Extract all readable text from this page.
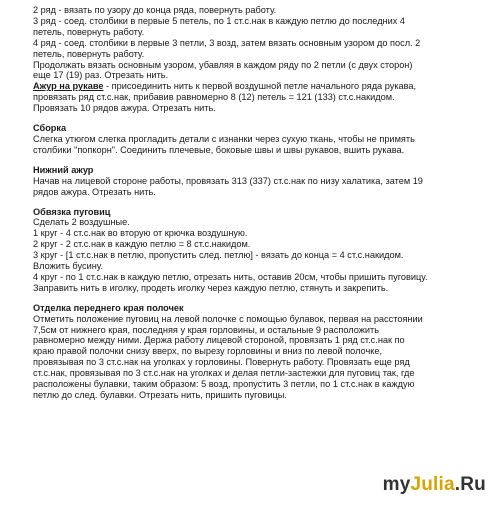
2 ряд - вязать по узору до конца ряда, повернуть работу.

3 ряд - соед. столбики в первые 5 петель, по 1 ст.с.нак в каждую петлю до последних 4
петель, повернуть работу.

4 ряд - соед. столбики в первые 3 петли, 3 возд, затем вязать основным узором до посл. 2
петель, повернуть работу.

Продолжать вязать основным узором, убавляя в каждом ряду по 2 петли (с двух сторон)
еще 17 (19) раз. Отрезать нить.

Ажур на рукаве - присоединить нить к первой воздушной петле начального ряда рукава,
провязать ряд ст.с.нак, прибавив равномерно 8 (12) петель = 121 (133) ст.с.накидом.
Провязать 10 рядов ажура. Отрезать нить.

Сборка

Слегка утюгом слегка прогладить детали с изнанки через сухую ткань, чтобы не примять
столбики "попкорн". Соединить плечевые, боковые швы и швы рукавов, вшить рукава.

Нижний ажур

Начав на лицевой стороне работы, провязать 313 (337) ст.с.нак по низу халатика, затем 19
рядов ажура. Отрезать нить.

Обвязка пуговиц

Сделать 2 воздушные.

1 круг - 4 ст.с.нак во вторую от крючка воздушную.

2 круг - 2 ст.с.нак в каждую петлю = 8 ст.с.накидом.

3 круг - [1 ст.с.нак в петлю, пропустить след. петлю] - вязать до конца = 4 ст.с.накидом.

Вложить бусину.

4 круг - по 1 ст.с.нак в каждую петлю, отрезать нить, оставив 20см, чтобы пришить пуговицу.

Заправить нить в иголку, продеть иголку через каждую петлю, стянуть и закрепить.

Отделка переднего края полочек

Отметить положение пуговиц на левой полочке с помощью булавок, первая на расстоянии
7,5см от нижнего края, последняя у края горловины, и остальные 9 расположить
равномерно между ними. Держа работу лицевой стороной, провязать 1 ряд ст.с.нак по
краю правой полочки снизу вверх, по вырезу горловины и вниз по левой полочке,
провязывая по 3 ст.с.нак на уголках у горловины. Повернуть работу. Провязать еще ряд
ст.с.нак, провязывая по 3 ст.с.нак на уголках и делая петли-застежки для пуговиц так, где
расположены булавки, таким образом: 5 возд, пропустить 3 петли, по 1 ст.с.нак в каждую
петлю до след. булавки. Отрезать нить, пришить пуговицы.

myJulia.Ru
